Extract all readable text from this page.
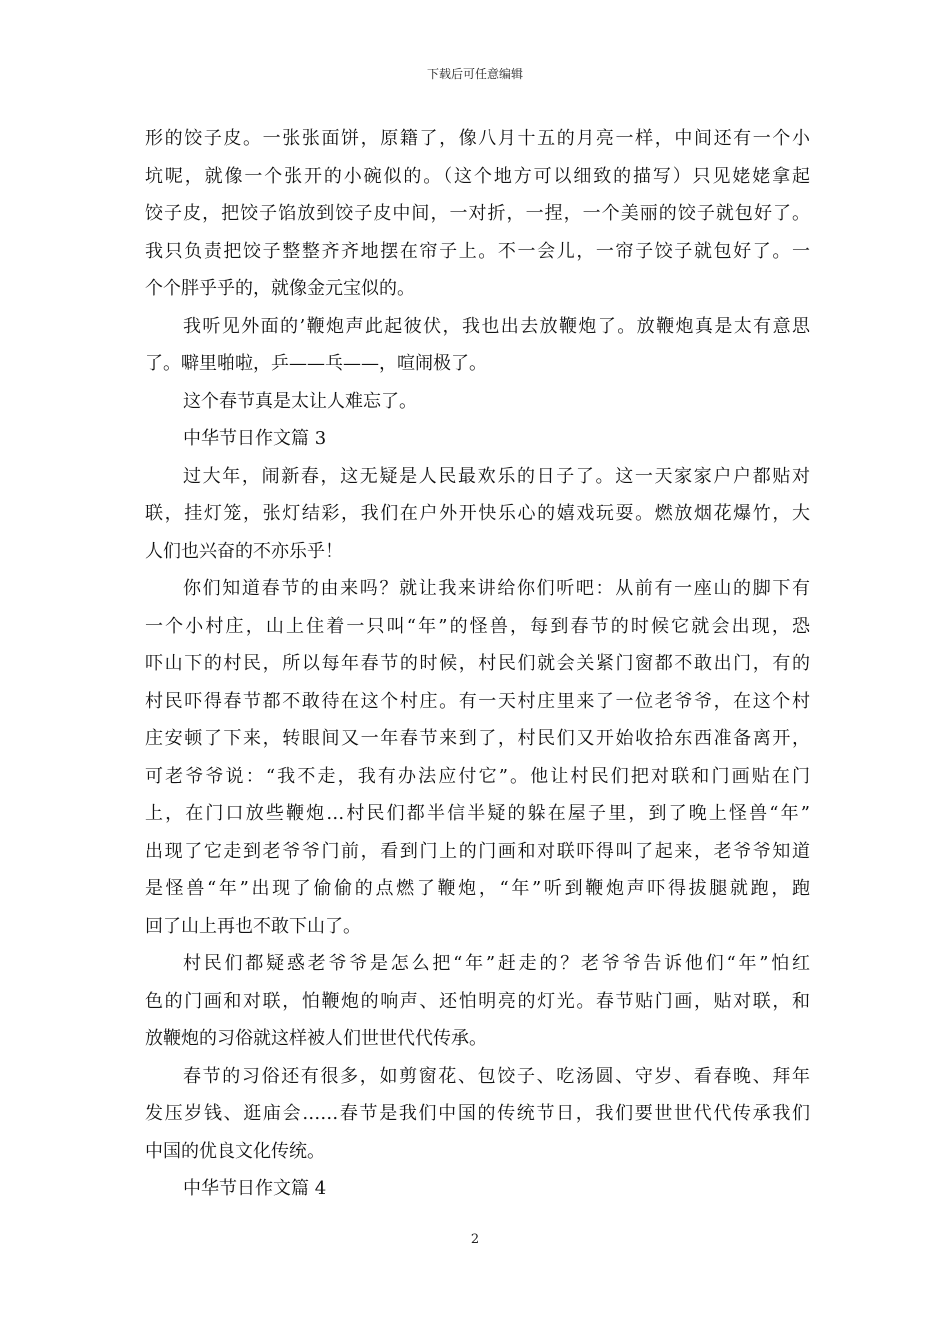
下载后可任意编辑
形的饺子皮。一张张面饼，原籍了，像八月十五的月亮一样，中间还有一个小
坑呢，就像一个张开的小碗似的。（这个地方可以细致的描写）只见姥姥拿起
饺子皮，把饺子馅放到饺子皮中间，一对折，一捏，一个美丽的饺子就包好了。
我只负责把饺子整整齐齐地摆在帘子上。不一会儿，一帘子饺子就包好了。一
个个胖乎乎的，就像金元宝似的。
我听见外面的’鞭炮声此起彼伏，我也出去放鞭炮了。放鞭炮真是太有意思
了。噼里啪啦，乒——乓——，喧闹极了。
这个春节真是太让人难忘了。
中华节日作文篇 3
过大年，闹新春，这无疑是人民最欢乐的日子了。这一天家家户户都贴对
联，挂灯笼，张灯结彩，我们在户外开快乐心的嬉戏玩耍。燃放烟花爆竹，大
人们也兴奋的不亦乐乎！
你们知道春节的由来吗？就让我来讲给你们听吧：从前有一座山的脚下有
一个小村庄，山上住着一只叫“年”的怪兽，每到春节的时候它就会出现，恐
吓山下的村民，所以每年春节的时候，村民们就会关紧门窗都不敢出门，有的
村民吓得春节都不敢待在这个村庄。有一天村庄里来了一位老爷爷，在这个村
庄安顿了下来，转眼间又一年春节来到了，村民们又开始收拾东西准备离开，
可老爷爷说：“我不走，我有办法应付它”。他让村民们把对联和门画贴在门
上，在门口放些鞭炮…村民们都半信半疑的躲在屋子里，到了晚上怪兽“年”
出现了它走到老爷爷门前，看到门上的门画和对联吓得叫了起来，老爷爷知道
是怪兽“年”出现了偷偷的点燃了鞭炮，“年”听到鞭炮声吓得拔腿就跑，跑
回了山上再也不敢下山了。
村民们都疑惑老爷爷是怎么把“年”赶走的？老爷爷告诉他们“年”怕红
色的门画和对联，怕鞭炮的响声、还怕明亮的灯光。春节贴门画，贴对联，和
放鞭炮的习俗就这样被人们世世代代传承。
春节的习俗还有很多，如剪窗花、包饺子、吃汤圆、守岁、看春晚、拜年
发压岁钱、逛庙会……春节是我们中国的传统节日，我们要世世代代传承我们
中国的优良文化传统。
中华节日作文篇 4
2
